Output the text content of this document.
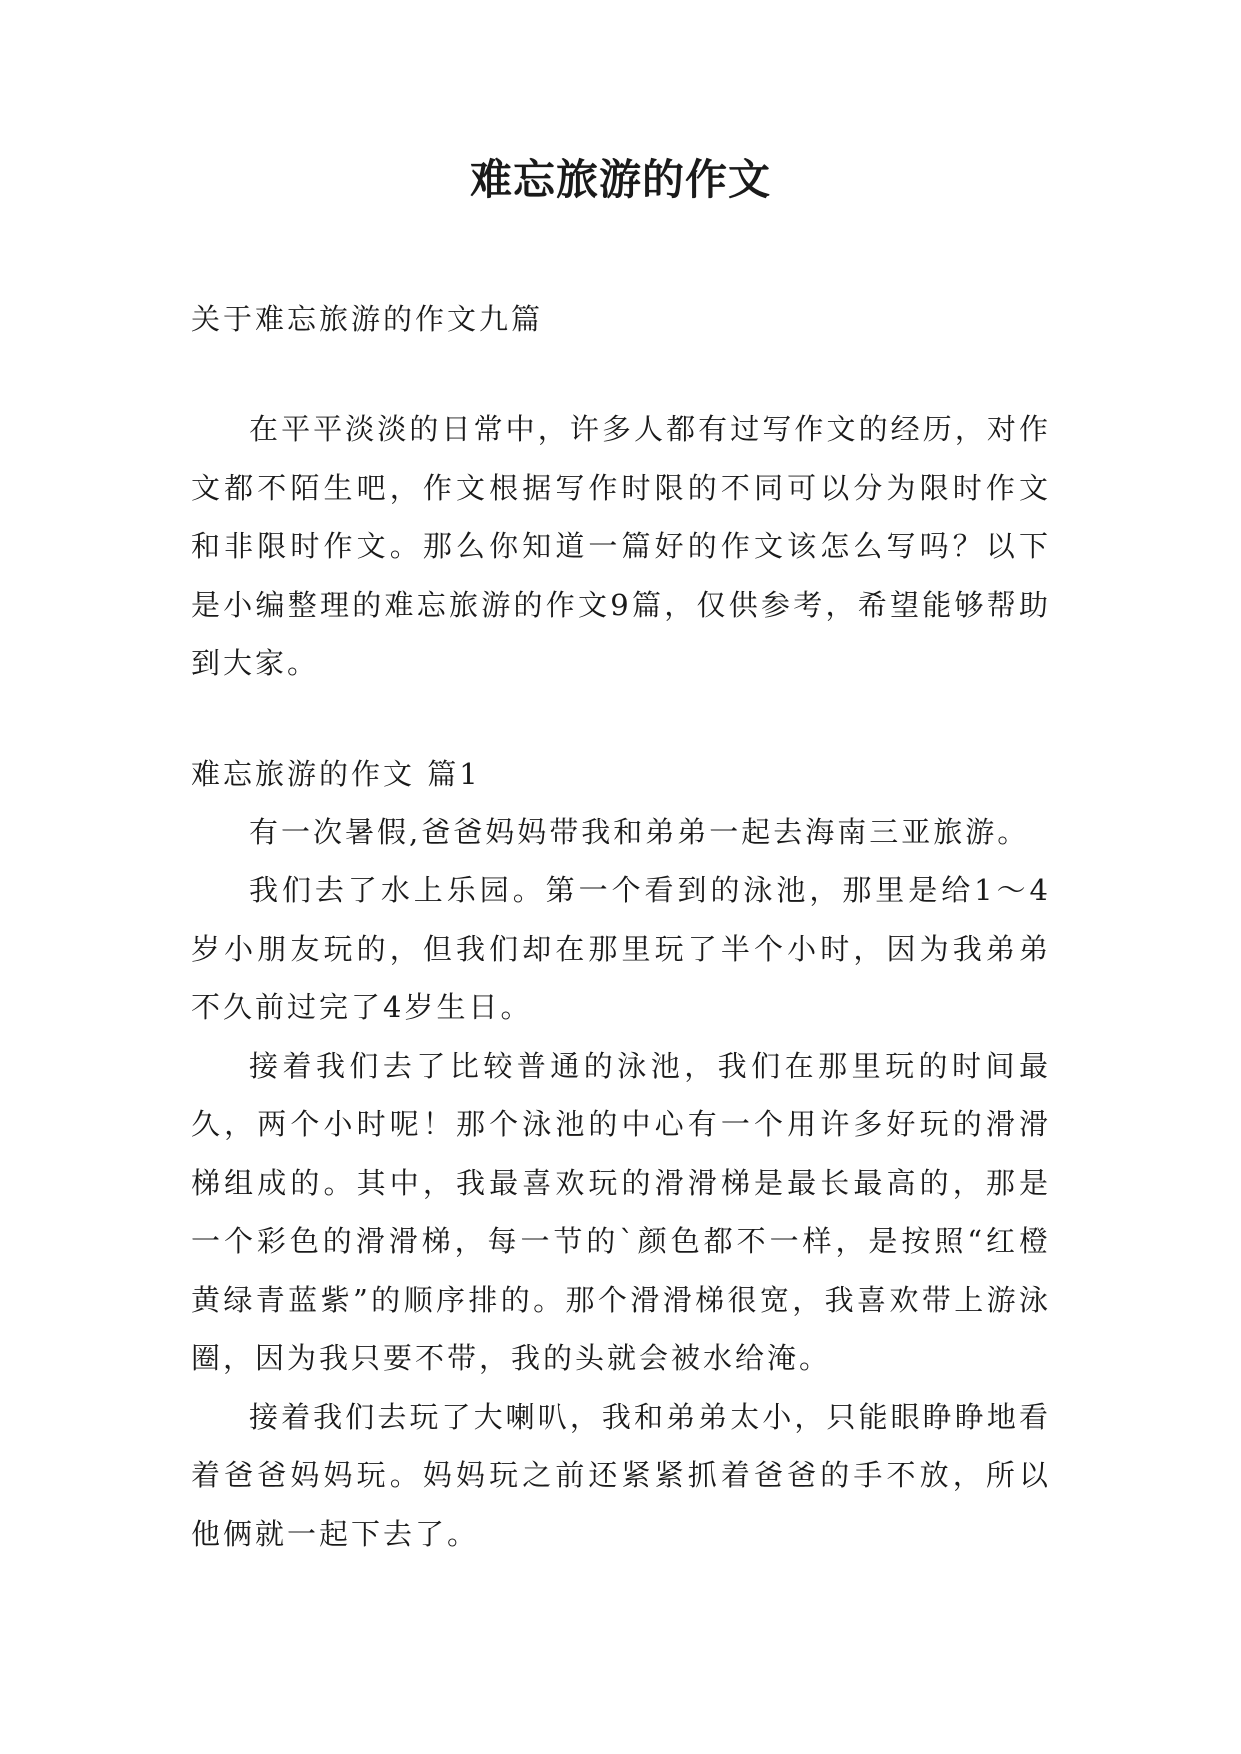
难忘旅游的作文

关于难忘旅游的作文九篇

在平平淡淡的日常中，许多人都有过写作文的经历，对作文都不陌生吧，作文根据写作时限的不同可以分为限时作文和非限时作文。那么你知道一篇好的作文该怎么写吗？以下是小编整理的难忘旅游的作文9篇，仅供参考，希望能够帮助到大家。

难忘旅游的作文 篇1

有一次暑假,爸爸妈妈带我和弟弟一起去海南三亚旅游。

我们去了水上乐园。第一个看到的泳池，那里是给1～4岁小朋友玩的，但我们却在那里玩了半个小时，因为我弟弟不久前过完了4岁生日。

接着我们去了比较普通的泳池，我们在那里玩的时间最久，两个小时呢！那个泳池的中心有一个用许多好玩的滑滑梯组成的。其中，我最喜欢玩的滑滑梯是最长最高的，那是一个彩色的滑滑梯，每一节的`颜色都不一样，是按照“红橙黄绿青蓝紫”的顺序排的。那个滑滑梯很宽，我喜欢带上游泳圈，因为我只要不带，我的头就会被水给淹。

接着我们去玩了大喇叭，我和弟弟太小，只能眼睁睁地看着爸爸妈妈玩。妈妈玩之前还紧紧抓着爸爸的手不放，所以他俩就一起下去了。
